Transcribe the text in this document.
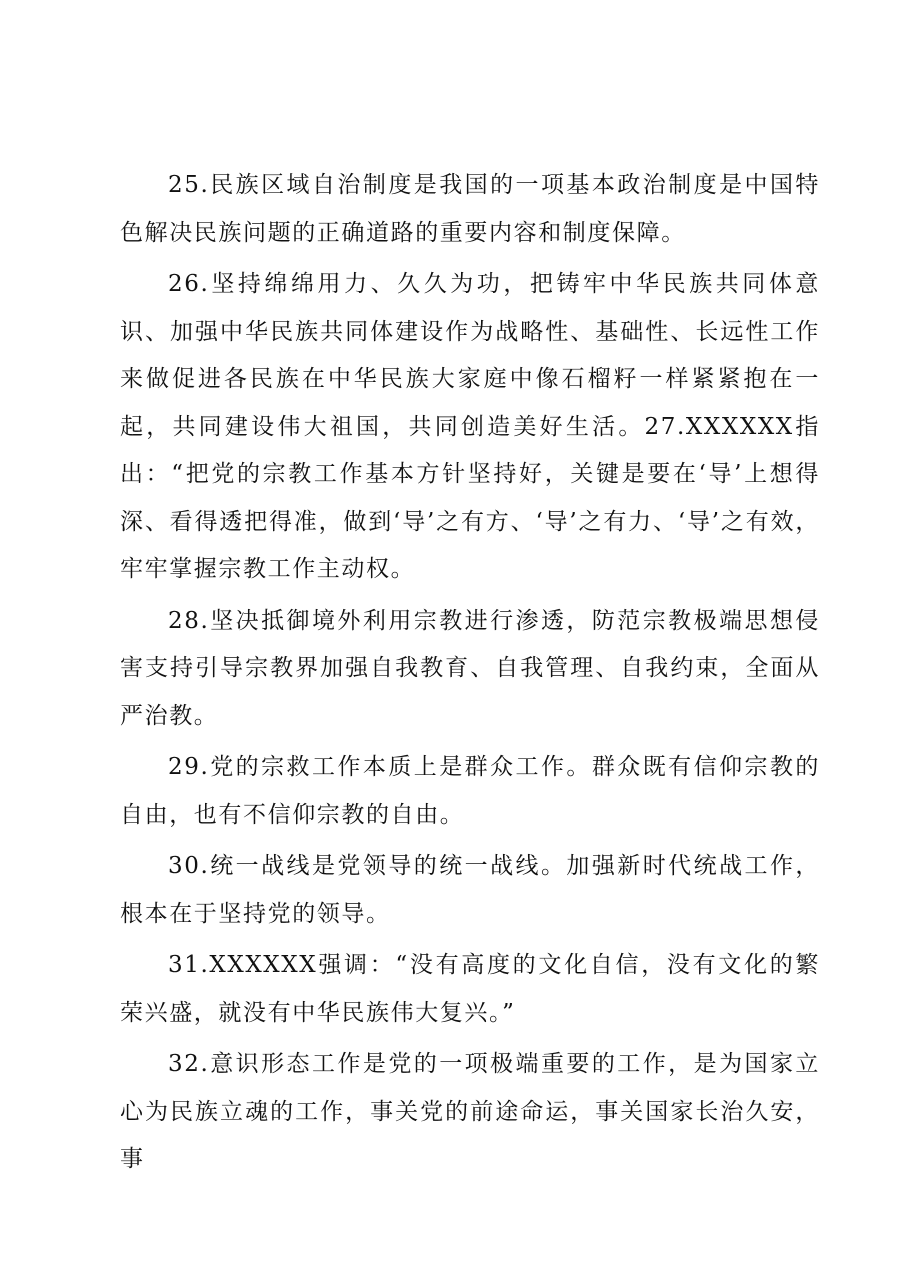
25.民族区域自治制度是我国的一项基本政治制度是中国特色解决民族问题的正确道路的重要内容和制度保障。

26.坚持绵绵用力、久久为功，把铸牢中华民族共同体意识、加强中华民族共同体建设作为战略性、基础性、长远性工作来做促进各民族在中华民族大家庭中像石榴籽一样紧紧抱在一起，共同建设伟大祖国，共同创造美好生活。27.XXXXXX指出：“把党的宗教工作基本方针坚持好，关键是要在‘导’上想得深、看得透把得准，做到‘导’之有方、‘导’之有力、‘导’之有效，牢牢掌握宗教工作主动权。

28.坚决抵御境外利用宗教进行渗透，防范宗教极端思想侵害支持引导宗教界加强自我教育、自我管理、自我约束，全面从严治教。

29.党的宗救工作本质上是群众工作。群众既有信仰宗教的自由，也有不信仰宗教的自由。

30.统一战线是党领导的统一战线。加强新时代统战工作，根本在于坚持党的领导。

31.XXXXXX强调：“没有高度的文化自信，没有文化的繁荣兴盛，就没有中华民族伟大复兴。”

32.意识形态工作是党的一项极端重要的工作，是为国家立心为民族立魂的工作，事关党的前途命运，事关国家长治久安，事
